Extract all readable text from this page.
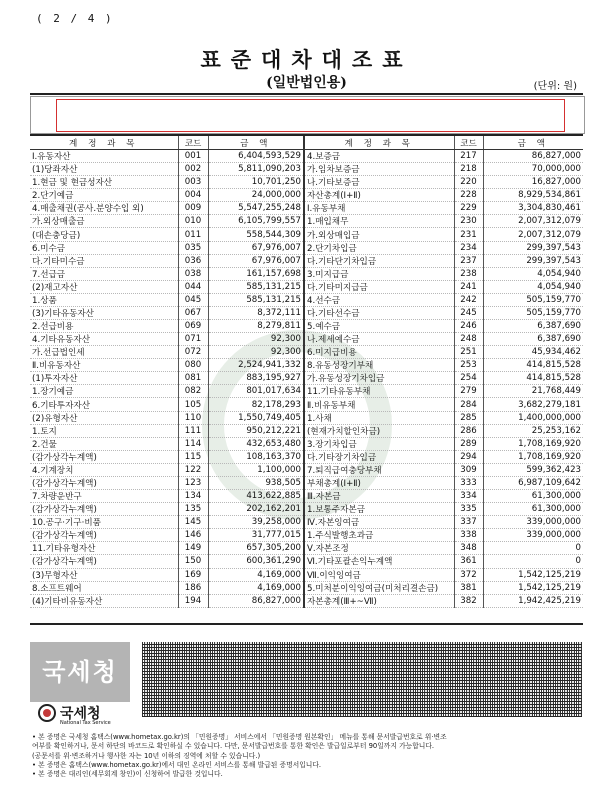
( 2 / 4 )
표준대차대조표
(일반법인용)	(단위: 원)
계 정 과 목	코드	금 액	계 정 과 목	코드	금 액
Ⅰ.유동자산	001	6,404,593,529	4.보증금	217	86,827,000
(1)당좌자산	002	5,811,090,203	가.임차보증금	218	70,000,000
1.현금 및 현금성자산	003	10,701,250	나.기타보증금	220	16,827,000
2.단기예금	004	24,000,000	자산총계(Ⅰ+Ⅱ)	228	8,929,534,861
4.매출채권(공사.분양수입 외)	009	5,547,255,248	Ⅰ.유동부채	229	3,304,830,461
가.외상매출금	010	6,105,799,557	1.매입채무	230	2,007,312,079
(대손충당금)	011	558,544,309	가.외상매입금	231	2,007,312,079
6.미수금	035	67,976,007	2.단기차입금	234	299,397,543
다.기타미수금	036	67,976,007	다.기타단기차입금	237	299,397,543
7.선급금	038	161,157,698	3.미지급금	238	4,054,940
(2)재고자산	044	585,131,215	다.기타미지급금	241	4,054,940
1.상품	045	585,131,215	4.선수금	242	505,159,770
(3)기타유동자산	067	8,372,111	다.기타선수금	245	505,159,770
2.선급비용	069	8,279,811	5.예수금	246	6,387,690
4.기타유동자산	071	92,300	나.제세예수금	248	6,387,690
가.선급법인세	072	92,300	6.미지급비용	251	45,934,462
Ⅱ.비유동자산	080	2,524,941,332	8.유동성장기부채	253	414,815,528
(1)투자자산	081	883,195,927	가.유동성장기차입금	254	414,815,528
1.장기예금	082	801,017,634	11.기타유동부채	279	21,768,449
6.기타투자자산	105	82,178,293	Ⅱ.비유동부채	284	3,682,279,181
(2)유형자산	110	1,550,749,405	1.사채	285	1,400,000,000
1.토지	111	950,212,221	(현재가치할인차금)	286	25,253,162
2.건물	114	432,653,480	3.장기차입금	289	1,708,169,920
(감가상각누계액)	115	108,163,370	다.기타장기차입금	294	1,708,169,920
4.기계장치	122	1,100,000	7.퇴직급여충당부채	309	599,362,423
(감가상각누계액)	123	938,505	부채총계(Ⅰ+Ⅱ)	333	6,987,109,642
7.차량운반구	134	413,622,885	Ⅲ.자본금	334	61,300,000
(감가상각누계액)	135	202,162,201	1.보통주자본금	335	61,300,000
10.공구·기구·비품	145	39,258,000	Ⅳ.자본잉여금	337	339,000,000
(감가상각누계액)	146	31,777,015	1.주식발행초과금	338	339,000,000
11.기타유형자산	149	657,305,200	Ⅴ.자본조정	348	0
(감가상각누계액)	150	600,361,290	Ⅵ.기타포괄손익누계액	361	0
(3)무형자산	169	4,169,000	Ⅶ.이익잉여금	372	1,542,125,219
8.소프트웨어	186	4,169,000	5.미처분이익잉여금(미처리결손금)	381	1,542,125,219
(4)기타비유동자산	194	86,827,000	자본총계(Ⅲ+~Ⅶ)	382	1,942,425,219
국세청
국세청
National Tax Service
• 본 증명은 국세청 홈택스(www.hometax.go.kr)의 「민원증명」 서비스에서 「민원증명 원본확인」 메뉴를 통해 문서발급번호로 위·변조
여부를 확인하거나, 문서 하단의 바코드로 확인하실 수 있습니다. 다만, 문서발급번호를 통한 확인은 발급일로부터 90일까지 가능합니다.
(공문서를 위·변조하거나 행사한 자는 10년 이하의 징역에 처할 수 있습니다.)
• 본 증명은 홈택스(www.hometax.go.kr)에서 대인 온라인 서비스를 통해 발급된 증명서입니다.
• 본 증명은 대리인(세무회계 창인)이 신청하여 발급한 것입니다.
